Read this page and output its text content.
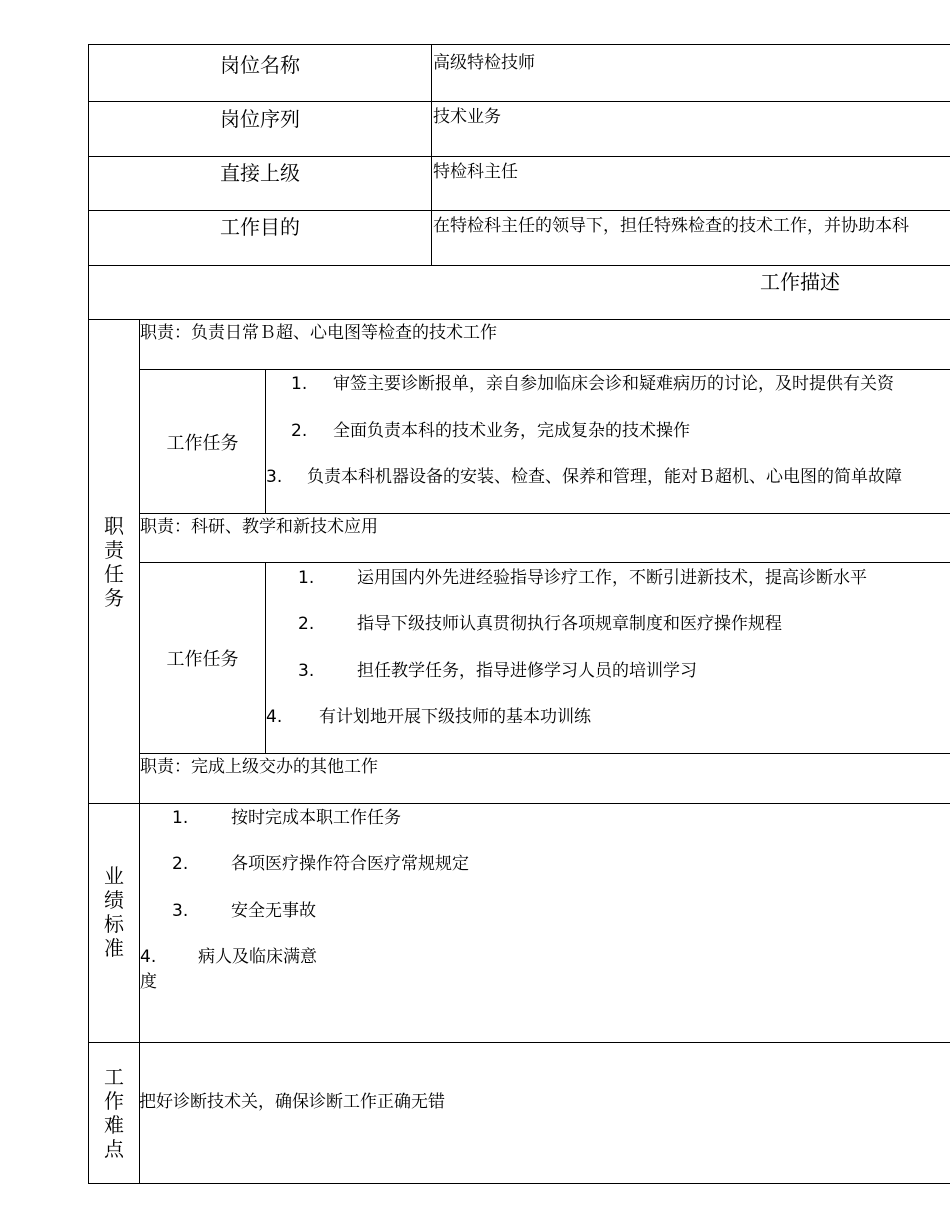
岗位名称	高级特检技师
岗位序列	技术业务
直接上级	特检科主任
工作目的	在特检科主任的领导下，担任特殊检查的技术工作，并协助本科
工作描述
职责任务
职责：负责日常Ｂ超、心电图等检查的技术工作
工作任务
1. 审签主要诊断报单，亲自参加临床会诊和疑难病历的讨论，及时提供有关资
2. 全面负责本科的技术业务，完成复杂的技术操作
3. 负责本科机器设备的安装、检查、保养和管理，能对Ｂ超机、心电图的简单故障
职责：科研、教学和新技术应用
工作任务
1.	运用国内外先进经验指导诊疗工作，不断引进新技术，提高诊断水平
2.	指导下级技师认真贯彻执行各项规章制度和医疗操作规程
3.	担任教学任务，指导进修学习人员的培训学习
4. 有计划地开展下级技师的基本功训练
职责：完成上级交办的其他工作
业绩标准
1.	按时完成本职工作任务
2.	各项医疗操作符合医疗常规规定
3.	安全无事故
4. 病人及临床满意
度
工作难点
把好诊断技术关，确保诊断工作正确无错
